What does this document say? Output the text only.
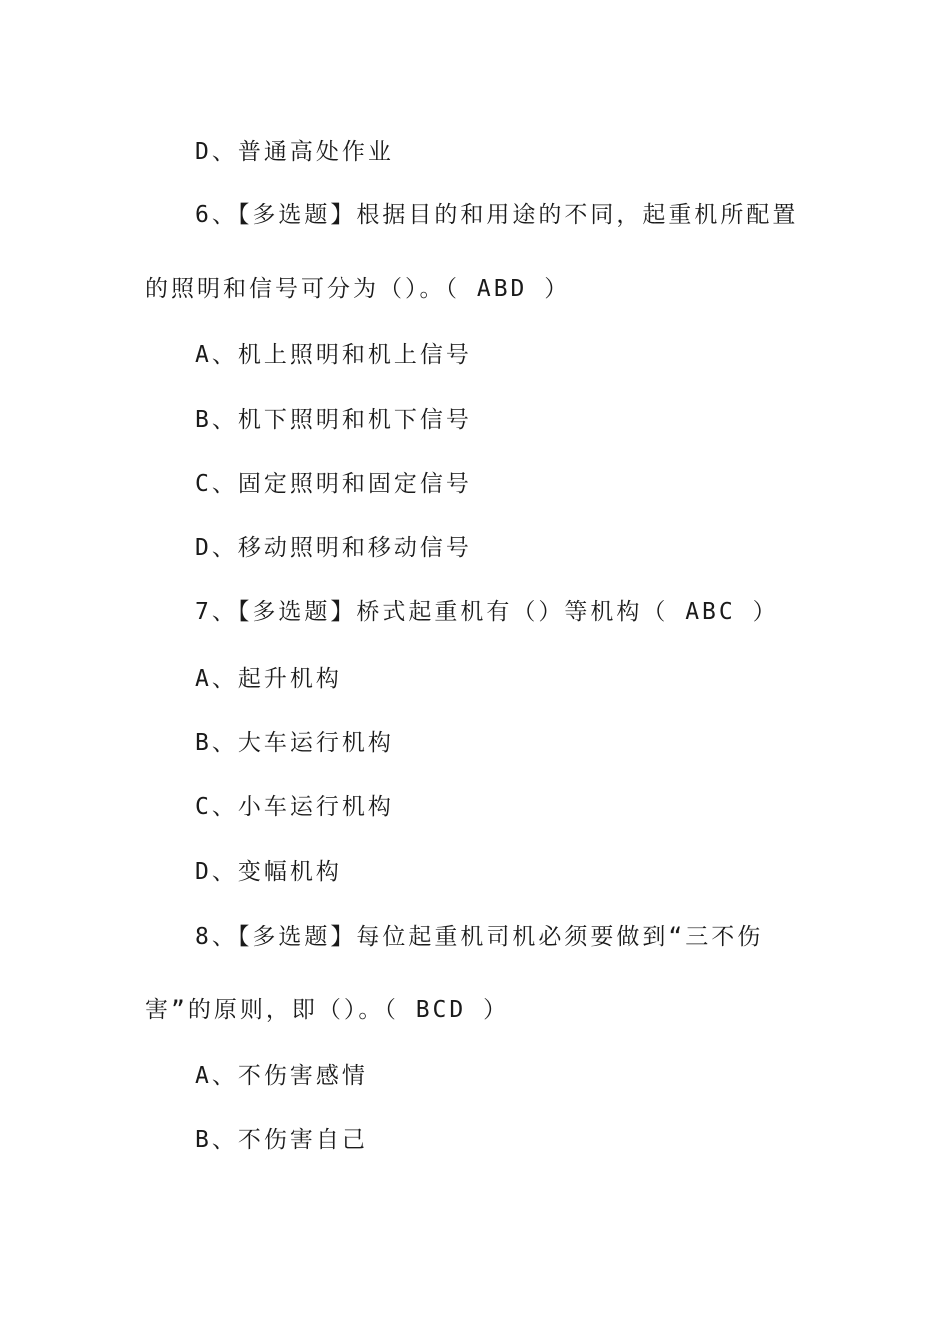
D、普通高处作业
6、【多选题】根据目的和用途的不同，起重机所配置
的照明和信号可分为（）。（ ABD ）
A、机上照明和机上信号
B、机下照明和机下信号
C、固定照明和固定信号
D、移动照明和移动信号
7、【多选题】桥式起重机有（）等机构（ ABC ）
A、起升机构
B、大车运行机构
C、小车运行机构
D、变幅机构
8、【多选题】每位起重机司机必须要做到“三不伤
害”的原则，即（）。（ BCD ）
A、不伤害感情
B、不伤害自己
